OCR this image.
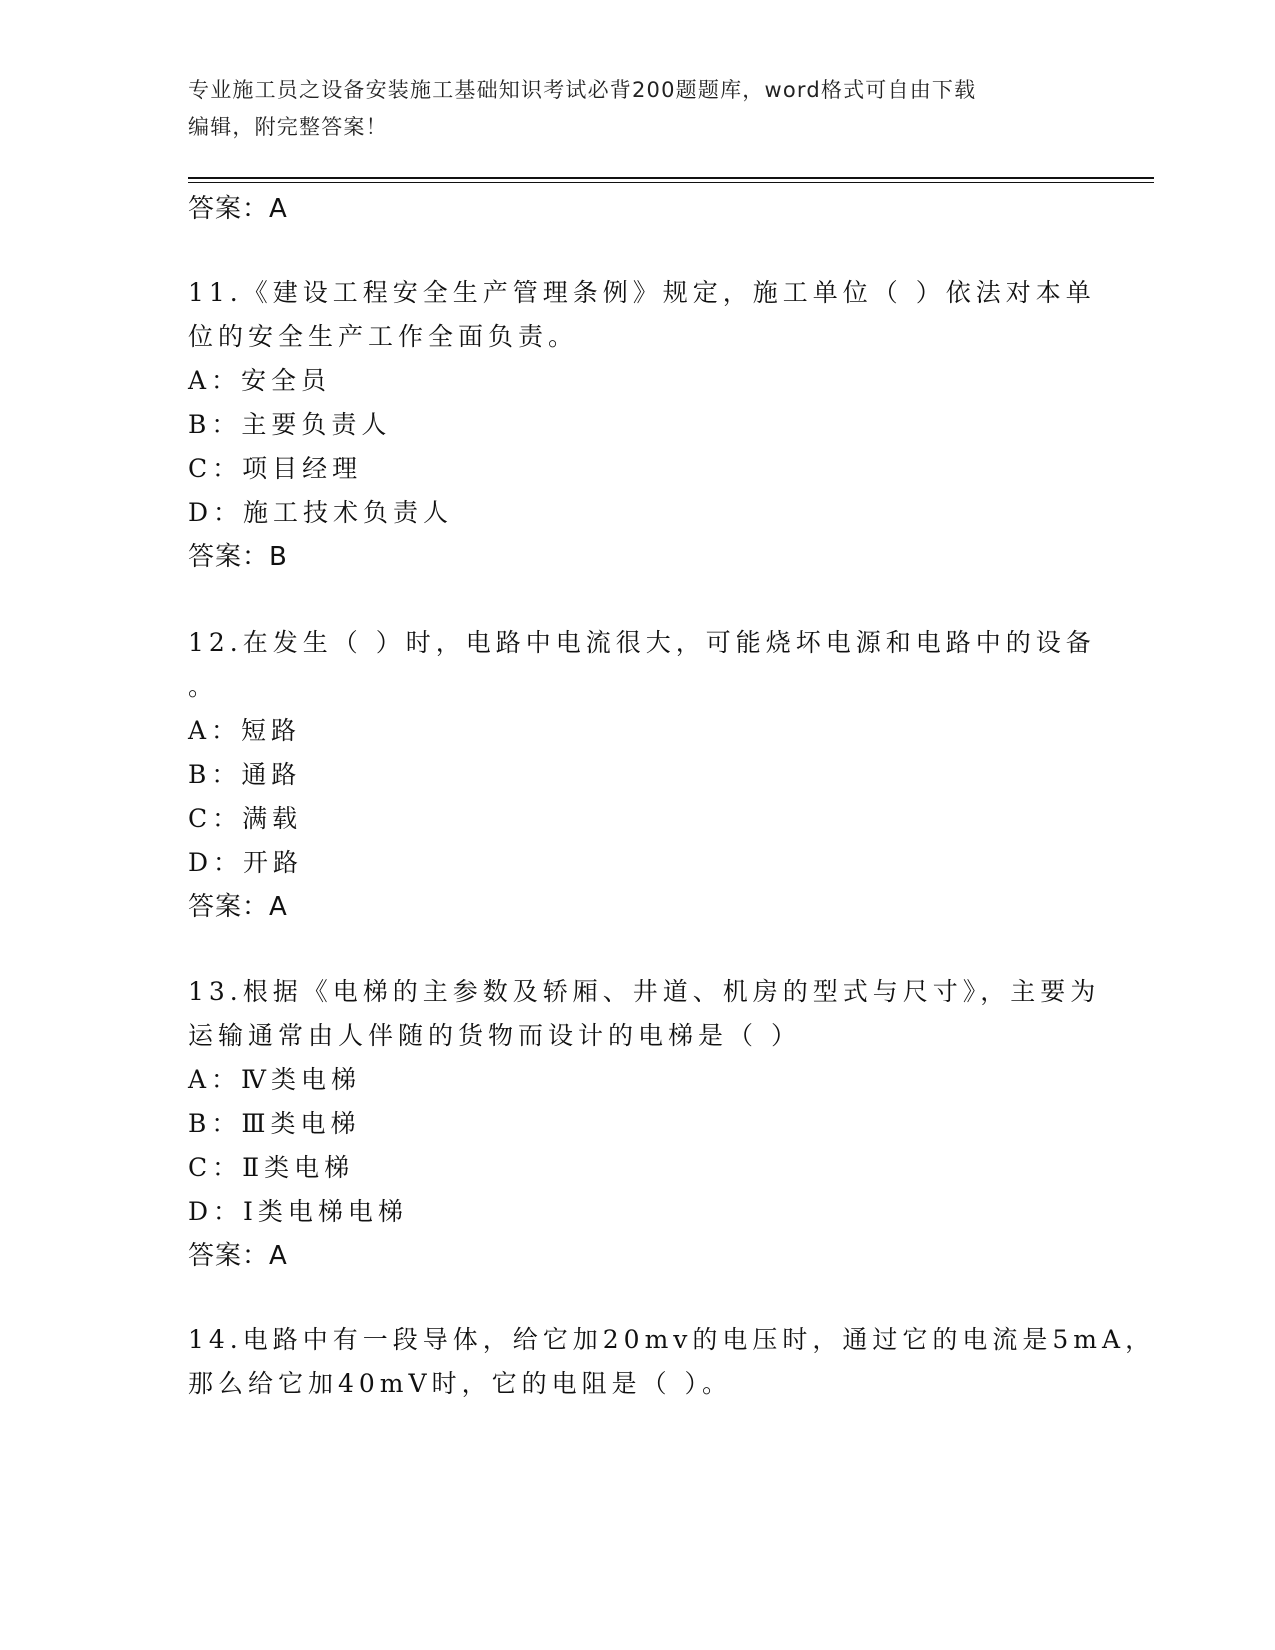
专业施工员之设备安装施工基础知识考试必背200题题库，word格式可自由下载
编辑，附完整答案！
答案：A
11.《建设工程安全生产管理条例》规定，施工单位（ ）依法对本单
位的安全生产工作全面负责。
A：安全员
B：主要负责人
C：项目经理
D：施工技术负责人
答案：B
12.在发生（ ）时，电路中电流很大，可能烧坏电源和电路中的设备
。
A：短路
B：通路
C：满载
D：开路
答案：A
13.根据《电梯的主参数及轿厢、井道、机房的型式与尺寸》，主要为
运输通常由人伴随的货物而设计的电梯是（ ）
A：Ⅳ类电梯
B：Ⅲ类电梯
C：Ⅱ类电梯
D：Ⅰ类电梯电梯
答案：A
14.电路中有一段导体，给它加20mv的电压时，通过它的电流是5mA，
那么给它加40mV时，它的电阻是（ ）。
